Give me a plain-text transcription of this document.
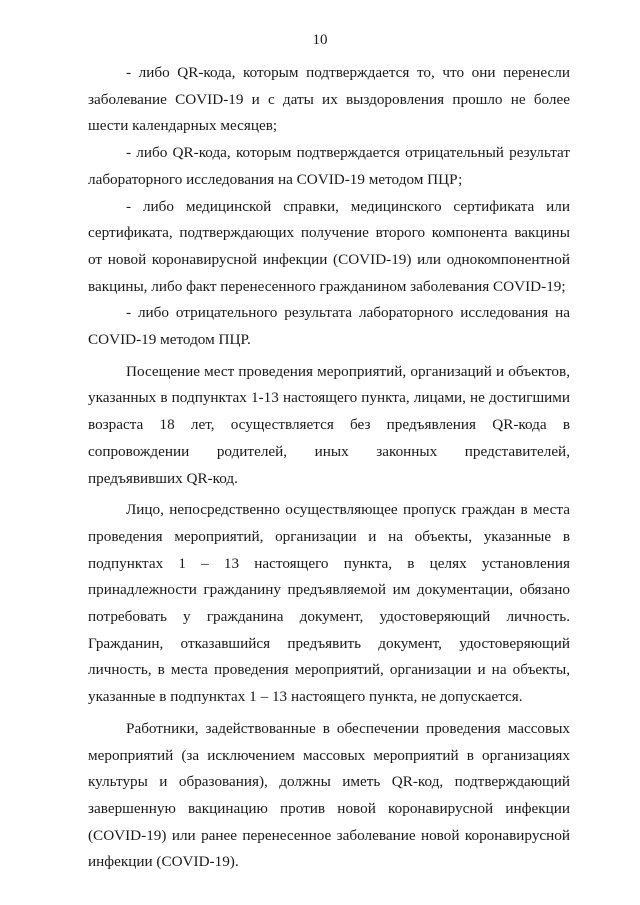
10

- либо QR-кода, которым подтверждается то, что они перенесли заболевание COVID-19 и с даты их выздоровления прошло не более шести календарных месяцев;

- либо QR-кода, которым подтверждается отрицательный результат лабораторного исследования на COVID-19 методом ПЦР;

- либо медицинской справки, медицинского сертификата или сертификата, подтверждающих получение второго компонента вакцины от новой коронавирусной инфекции (COVID-19) или однокомпонентной вакцины, либо факт перенесенного гражданином заболевания COVID-19;

- либо отрицательного результата лабораторного исследования на COVID-19 методом ПЦР.

Посещение мест проведения мероприятий, организаций и объектов, указанных в подпунктах 1-13 настоящего пункта, лицами, не достигшими возраста 18 лет, осуществляется без предъявления QR-кода в сопровождении родителей, иных законных представителей, предъявивших QR-код.

Лицо, непосредственно осуществляющее пропуск граждан в места проведения мероприятий, организации и на объекты, указанные в подпунктах 1 – 13 настоящего пункта, в целях установления принадлежности гражданину предъявляемой им документации, обязано потребовать у гражданина документ, удостоверяющий личность. Гражданин, отказавшийся предъявить документ, удостоверяющий личность, в места проведения мероприятий, организации и на объекты, указанные в подпунктах 1 – 13 настоящего пункта, не допускается.

Работники, задействованные в обеспечении проведения массовых мероприятий (за исключением массовых мероприятий в организациях культуры и образования), должны иметь QR-код, подтверждающий завершенную вакцинацию против новой коронавирусной инфекции (COVID-19) или ранее перенесенное заболевание новой коронавирусной инфекции (COVID-19).
